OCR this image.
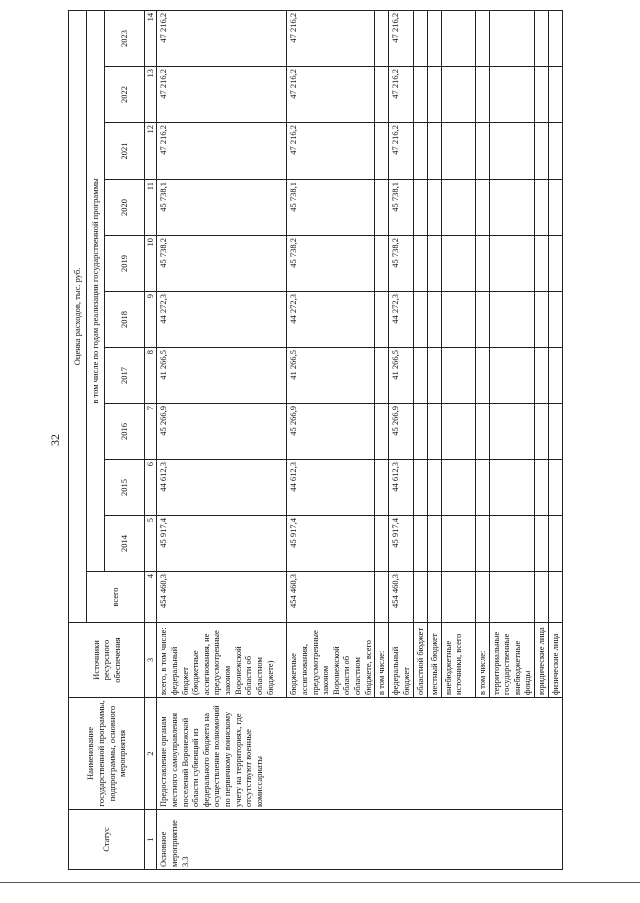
32
Статус	Наименование государственной программы, подпрограммы, основного мероприятия	Источники ресурсного обеспечения	Оценка расходов, тыс. руб.										
			всего	в том числе по годам реализации государственной программы									
				2014	2015	2016	2017	2018	2019	2020	2021	2022	2023
1	2	3	4	5	6	7	8	9	10	11	12	13	14
Основное мероприятие 3.3	Предоставление органам местного самоуправления поселений Воронежской области субвенций из федерального бюджета на осуществление полномочий по первичному воинскому учету на территориях, где отсутствуют военные комиссариаты	всего, в том числе: федеральный бюджет (бюджетные ассигнования, не предусмотренные законом Воронежской области об областном бюджете)	454 460,3	45 917,4	44 612,3	45 266,9	41 266,5	44 272,3	45 738,2	45 738,1	47 216,2	47 216,2	47 216,2
		бюджетные ассигнования, предусмотренные законом Воронежской области об областном бюджете, всего	454 460,3	45 917,4	44 612,3	45 266,9	41 266,5	44 272,3	45 738,2	45 738,1	47 216,2	47 216,2	47 216,2
		в том числе:											
		федеральный бюджет	454 460,3	45 917,4	44 612,3	45 266,9	41 266,5	44 272,3	45 738,2	45 738,1	47 216,2	47 216,2	47 216,2
		областной бюджет											
		местный бюджет											
		внебюджетные источники, всего											
		в том числе:											
		территориальные государственные внебюджетные фонды											
		юридические лица											
		физические лица											
